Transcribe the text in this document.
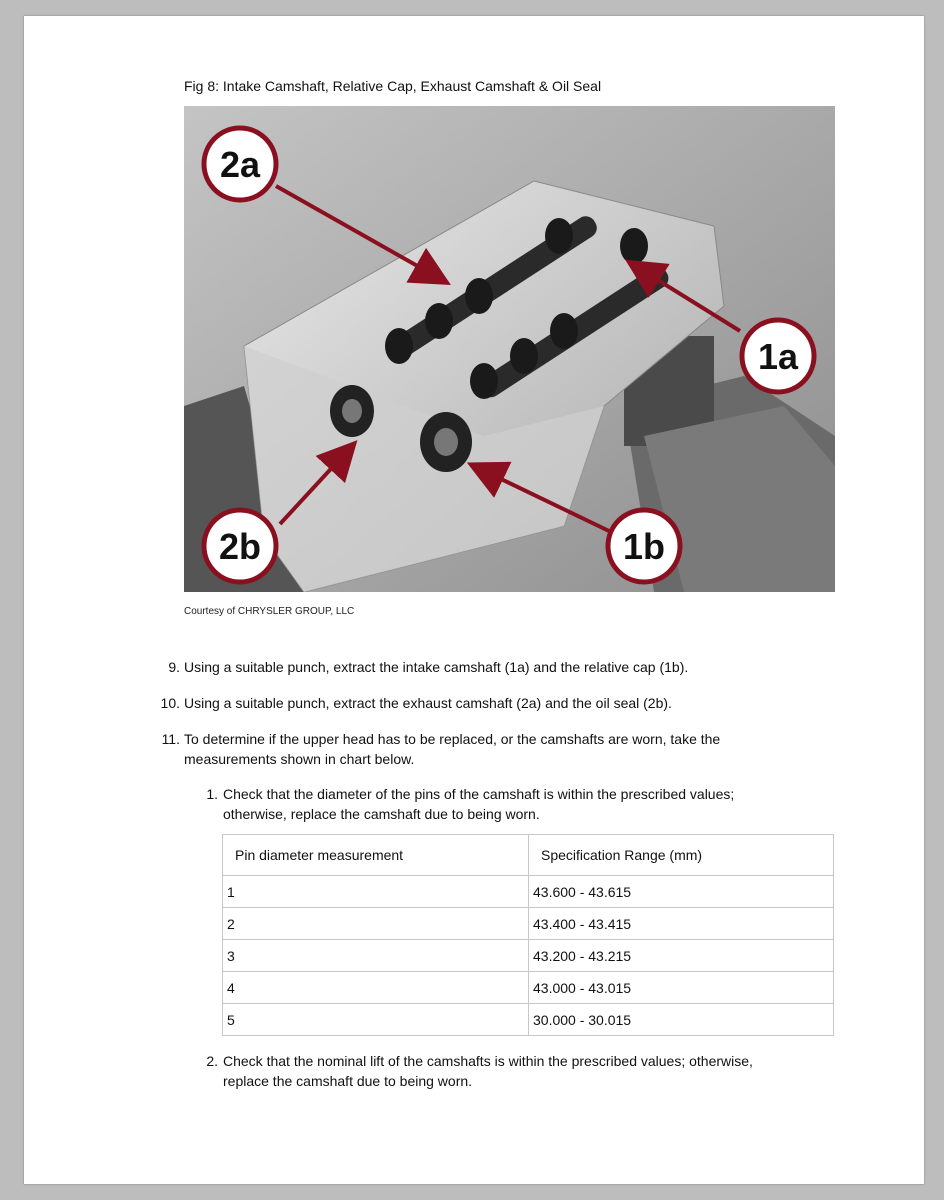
Fig 8: Intake Camshaft, Relative Cap, Exhaust Camshaft & Oil Seal
2a
1a
2b	1b
Courtesy of CHRYSLER GROUP, LLC
9. Using a suitable punch, extract the intake camshaft (1a) and the relative cap (1b).
10. Using a suitable punch, extract the exhaust camshaft (2a) and the oil seal (2b).
11. To determine if the upper head has to be replaced, or the camshafts are worn, take the
measurements shown in chart below.
1. Check that the diameter of the pins of the camshaft is within the prescribed values;
otherwise, replace the camshaft due to being worn.
Pin diameter measurement	Specification Range (mm)
1	43.600 - 43.615
2	43.400 - 43.415
3	43.200 - 43.215
4	43.000 - 43.015
5	30.000 - 30.015
2. Check that the nominal lift of the camshafts is within the prescribed values; otherwise,
replace the camshaft due to being worn.
